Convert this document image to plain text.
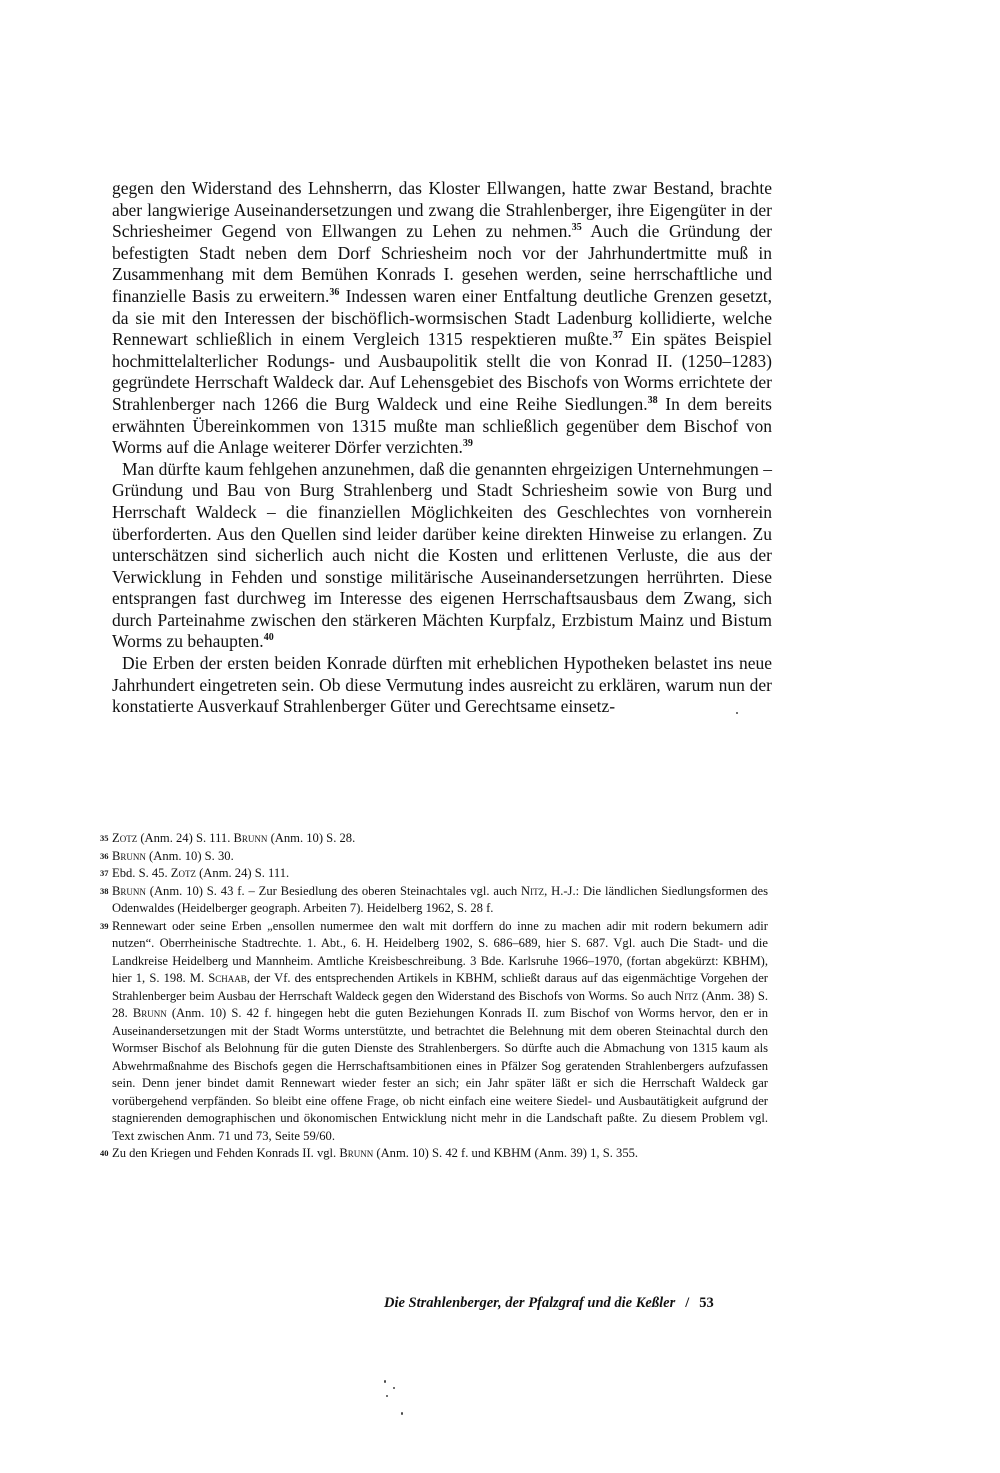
gegen den Widerstand des Lehnsherrn, das Kloster Ellwangen, hatte zwar Bestand, brachte aber langwierige Auseinandersetzungen und zwang die Strahlenberger, ihre Eigengüter in der Schriesheimer Gegend von Ellwangen zu Lehen zu nehmen.$^{35}$ Auch die Gründung der befestigten Stadt neben dem Dorf Schriesheim noch vor der Jahrhundertmitte muß in Zusammenhang mit dem Bemühen Konrads I. gesehen werden, seine herrschaftliche und finanzielle Basis zu erweitern.$^{36}$ Indessen waren einer Entfaltung deutliche Grenzen gesetzt, da sie mit den Interessen der bischöflich-wormsischen Stadt Ladenburg kollidierte, welche Rennewart schließlich in einem Vergleich 1315 respektieren mußte.$^{37}$ Ein spätes Beispiel hochmittelalterlicher Rodungs- und Ausbaupolitik stellt die von Konrad II. (1250–1283) gegründete Herrschaft Waldeck dar. Auf Lehensgebiet des Bischofs von Worms errichtete der Strahlenberger nach 1266 die Burg Waldeck und eine Reihe Siedlungen.$^{38}$ In dem bereits erwähnten Übereinkommen von 1315 mußte man schließlich gegenüber dem Bischof von Worms auf die Anlage weiterer Dörfer verzichten.$^{39}$

Man dürfte kaum fehlgehen anzunehmen, daß die genannten ehrgeizigen Unternehmungen – Gründung und Bau von Burg Strahlenberg und Stadt Schriesheim sowie von Burg und Herrschaft Waldeck – die finanziellen Möglichkeiten des Geschlechtes von vornherein überforderten. Aus den Quellen sind leider darüber keine direkten Hinweise zu erlangen. Zu unterschätzen sind sicherlich auch nicht die Kosten und erlittenen Verluste, die aus der Verwicklung in Fehden und sonstige militärische Auseinandersetzungen herrührten. Diese entsprangen fast durchweg im Interesse des eigenen Herrschaftsausbaus dem Zwang, sich durch Parteinahme zwischen den stärkeren Mächten Kurpfalz, Erzbistum Mainz und Bistum Worms zu behaupten.$^{40}$

Die Erben der ersten beiden Konrade dürften mit erheblichen Hypotheken belastet ins neue Jahrhundert eingetreten sein. Ob diese Vermutung indes ausreicht zu erklären, warum nun der konstatierte Ausverkauf Strahlenberger Güter und Gerechtsame einsetz-

35 Zotz (Anm. 24) S. 111. Brunn (Anm. 10) S. 28.

36 Brunn (Anm. 10) S. 30.

37 Ebd. S. 45. Zotz (Anm. 24) S. 111.

38 Brunn (Anm. 10) S. 43 f. – Zur Besiedlung des oberen Steinachtales vgl. auch Nitz, H.-J.: Die ländlichen Siedlungsformen des Odenwaldes (Heidelberger geograph. Arbeiten 7). Heidelberg 1962, S. 28 f.

39 Rennewart oder seine Erben „ensollen numermee den walt mit dorffern do inne zu machen adir mit rodern bekumern adir nutzen“. Oberrheinische Stadtrechte. 1. Abt., 6. H. Heidelberg 1902, S. 686–689, hier S. 687. Vgl. auch Die Stadt- und die Landkreise Heidelberg und Mannheim. Amtliche Kreisbeschreibung. 3 Bde. Karlsruhe 1966–1970, (fortan abgekürzt: KBHM), hier 1, S. 198. M. Schaab, der Vf. des entsprechenden Artikels in KBHM, schließt daraus auf das eigenmächtige Vorgehen der Strahlenberger beim Ausbau der Herrschaft Waldeck gegen den Widerstand des Bischofs von Worms. So auch Nitz (Anm. 38) S. 28. Brunn (Anm. 10) S. 42 f. hingegen hebt die guten Beziehungen Konrads II. zum Bischof von Worms hervor, den er in Auseinandersetzungen mit der Stadt Worms unterstützte, und betrachtet die Belehnung mit dem oberen Steinachtal durch den Wormser Bischof als Belohnung für die guten Dienste des Strahlenbergers. So dürfte auch die Abmachung von 1315 kaum als Abwehrmaßnahme des Bischofs gegen die Herrschaftsambitionen eines in Pfälzer Sog geratenden Strahlenbergers aufzufassen sein. Denn jener bindet damit Rennewart wieder fester an sich; ein Jahr später läßt er sich die Herrschaft Waldeck gar vorübergehend verpfänden. So bleibt eine offene Frage, ob nicht einfach eine weitere Siedel- und Ausbautätigkeit aufgrund der stagnierenden demographischen und ökonomischen Entwicklung nicht mehr in die Landschaft paßte. Zu diesem Problem vgl. Text zwischen Anm. 71 und 73, Seite 59/60.

40 Zu den Kriegen und Fehden Konrads II. vgl. Brunn (Anm. 10) S. 42 f. und KBHM (Anm. 39) 1, S. 355.

Die Strahlenberger, der Pfalzgraf und die Keßler / 53
